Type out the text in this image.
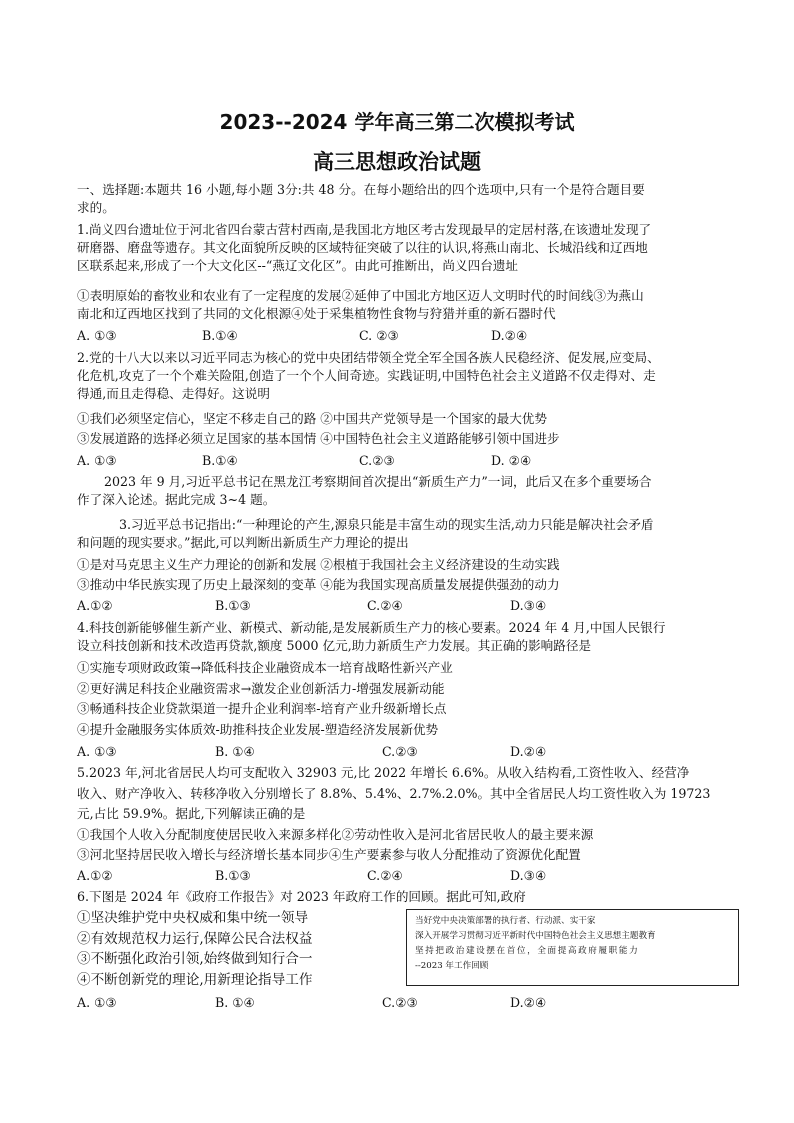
2023--2024 学年高三第二次模拟考试
高三思想政治试题
一、选择题:本题共 16 小题,每小题 3分:共 48 分。在每小题给出的四个选项中,只有一个是符合题目要
求的。
1.尚义四台遗址位于河北省四台蒙古营村西南,是我国北方地区考古发现最早的定居村落,在该遗址发现了
研磨器、磨盘等遗存。其文化面貌所反映的区域特征突破了以往的认识,将燕山南北、长城沿线和辽西地
区联系起来,形成了一个大文化区--“燕辽文化区”。由此可推断出，尚义四台遗址
①表明原始的畜牧业和农业有了一定程度的发展②延伸了中国北方地区迈人文明时代的时间线③为燕山
南北和辽西地区找到了共同的文化根源④处于采集植物性食物与狩猎并重的新石器时代
A. ①③	B.①④	C. ②③	D.②④
2.党的十八大以来以习近平同志为核心的党中央团结带领全党全军全国各族人民稳经济、促发展,应变局、
化危机,攻克了一个个难关险阻,创造了一个个人间奇迹。实践证明,中国特色社会主义道路不仅走得对、走
得通,而且走得稳、走得好。这说明
①我们必须坚定信心，坚定不移走自己的路 ②中国共产党领导是一个国家的最大优势
③发展道路的选择必须立足国家的基本国情 ④中国特色社会主义道路能够引领中国进步
A. ①③	B.①④	C.②③	D. ②④
2023 年 9 月,习近平总书记在黑龙江考察期间首次提出“新质生产力”一词，此后又在多个重要场合
作了深入论述。据此完成 3~4 题。
3.习近平总书记指出:“一种理论的产生,源泉只能是丰富生动的现实生活,动力只能是解决社会矛盾
和问题的现实要求。”据此,可以判断出新质生产力理论的提出
①是对马克思主义生产力理论的创新和发展 ②根植于我国社会主义经济建设的生动实践
③推动中华民族实现了历史上最深刻的变革 ④能为我国实现高质量发展提供强劲的动力
A.①②	B.①③	C.②④	D.③④
4.科技创新能够催生新产业、新模式、新动能,是发展新质生产力的核心要素。2024 年 4 月,中国人民银行
设立科技创新和技术改造再贷款,额度 5000 亿元,助力新质生产力发展。其正确的影响路径是
①实施专项财政政策→降低科技企业融资成本一培育战略性新兴产业
②更好满足科技企业融资需求→激发企业创新活力-增强发展新动能
③畅通科技企业贷款渠道一提升企业利润率-培育产业升级新增长点
④提升金融服务实体质效-助推科技企业发展-塑造经济发展新优势
A. ①③	B. ①④	C.②③	D.②④
5.2023 年,河北省居民人均可支配收入 32903 元,比 2022 年增长 6.6%。从收入结构看,工资性收入、经营净
收入、财产净收入、转移净收入分别增长了 8.8%、5.4%、2.7%.2.0%。其中全省居民人均工资性收入为 19723
元,占比 59.9%。据此,下列解读正确的是
①我国个人收入分配制度使居民收入来源多样化②劳动性收入是河北省居民收人的最主要来源
③河北坚持居民收入增长与经济增长基本同步④生产要素参与收人分配推动了资源优化配置
A.①②	B.①③	C.②④	D.③④
6.下图是 2024 年《政府工作报告》对 2023 年政府工作的回顾。据此可知,政府
①坚决维护党中央权威和集中统一领导
②有效规范权力运行,保障公民合法权益
③不断强化政治引领,始终做到知行合一
④不断创新党的理论,用新理论指导工作
A. ①③	B. ①④	C.②③	D.②④
当好党中央决策部署的执行者、行动派、实干家
深入开展学习贯彻习近平新时代中国特色社会主义思想主题教育
坚持把政治建设摆在首位，全面提高政府履职能力
--2023 年工作回顾
